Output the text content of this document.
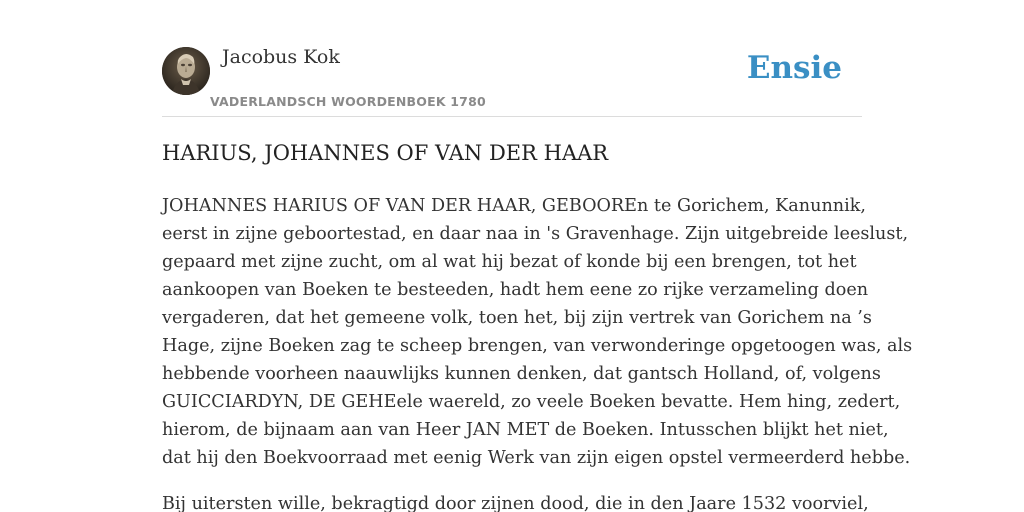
Jacobus Kok
VADERLANDSCH WOORDENBOEK 1780
Ensie
HARIUS, JOHANNES OF VAN DER HAAR

JOHANNES HARIUS OF VAN DER HAAR, GEBOOREn te Gorichem, Kanunnik,
eerst in zijne geboortestad, en daar naa in 's Gravenhage. Zijn uitgebreide leeslust,
gepaard met zijne zucht, om al wat hij bezat of konde bij een brengen, tot het
aankoopen van Boeken te besteeden, hadt hem eene zo rijke verzameling doen
vergaderen, dat het gemeene volk, toen het, bij zijn vertrek van Gorichem na ’s
Hage, zijne Boeken zag te scheep brengen, van verwonderinge opgetoogen was, als
hebbende voorheen naauwlijks kunnen denken, dat gantsch Holland, of, volgens
GUICCIARDYN, DE GEHEele waereld, zo veele Boeken bevatte. Hem hing, zedert,
hierom, de bijnaam aan van Heer JAN MET de Boeken. Intusschen blijkt het niet,
dat hij den Boekvoorraad met eenig Werk van zijn eigen opstel vermeerderd hebbe.

Bij uitersten wille, bekragtigd door zijnen dood, die in den Jaare 1532 voorviel,
